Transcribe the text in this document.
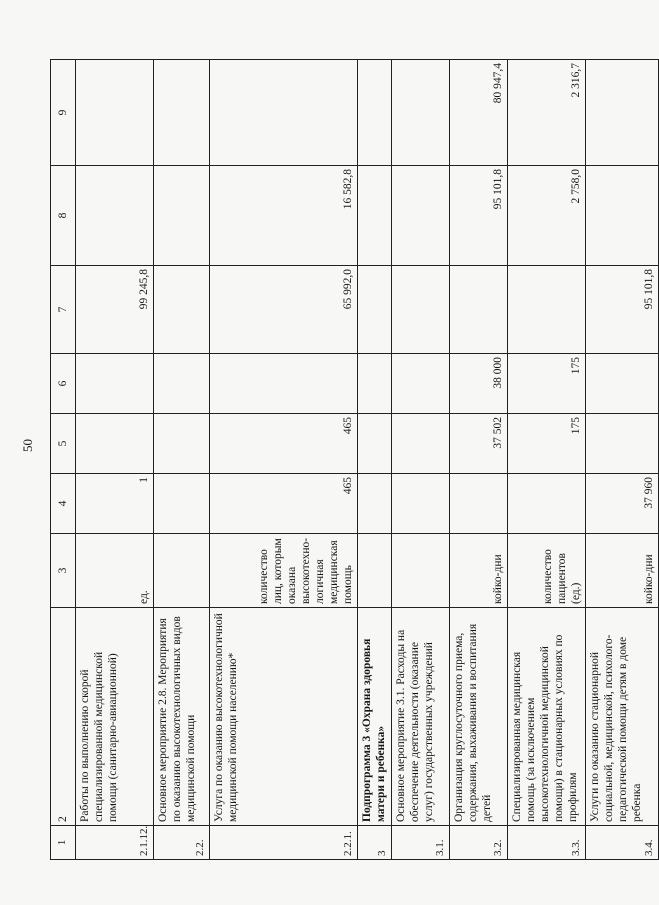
50
1	2	3	4	5	6	7	8	9
2.1.12.	Работы по выполнению скорой специализированной медицинской помощи (санитарно-авиационной)	ед.	1			99 245,8		
2.2.	Основное мероприятие 2.8. Мероприятия по оказанию высокотехнологичных видов медицинской помощи							
2.2.1.	Услуга по оказанию высокотехнологичной медицинской помощи населению*	количество лиц, которым оказана высокотехно-логичная медицинская помощь	465	465		65 992,0	16 582,8	
3	Подпрограмма 3 «Охрана здоровья матери и ребенка»							
3.1.	Основное мероприятие 3.1. Расходы на обеспечение деятельности (оказание услуг) государственных учреждений							
3.2.	Организация круглосуточного приема, содержания, выхаживания и воспитания детей	койко-дни		37 502	38 000		95 101,8	80 947,4
3.3.	Специализированная медицинская помощь (за исключением высокотехнологичной медицинской помощи) в стационарных условиях по профилям	количество пациентов (ед.)		175	175		2 758,0	2 316,7
3.4.	Услуги по оказанию стационарной социальной, медицинской, психолого-педагогической помощи детям в доме ребенка	койко-дни	37 960			95 101,8		
